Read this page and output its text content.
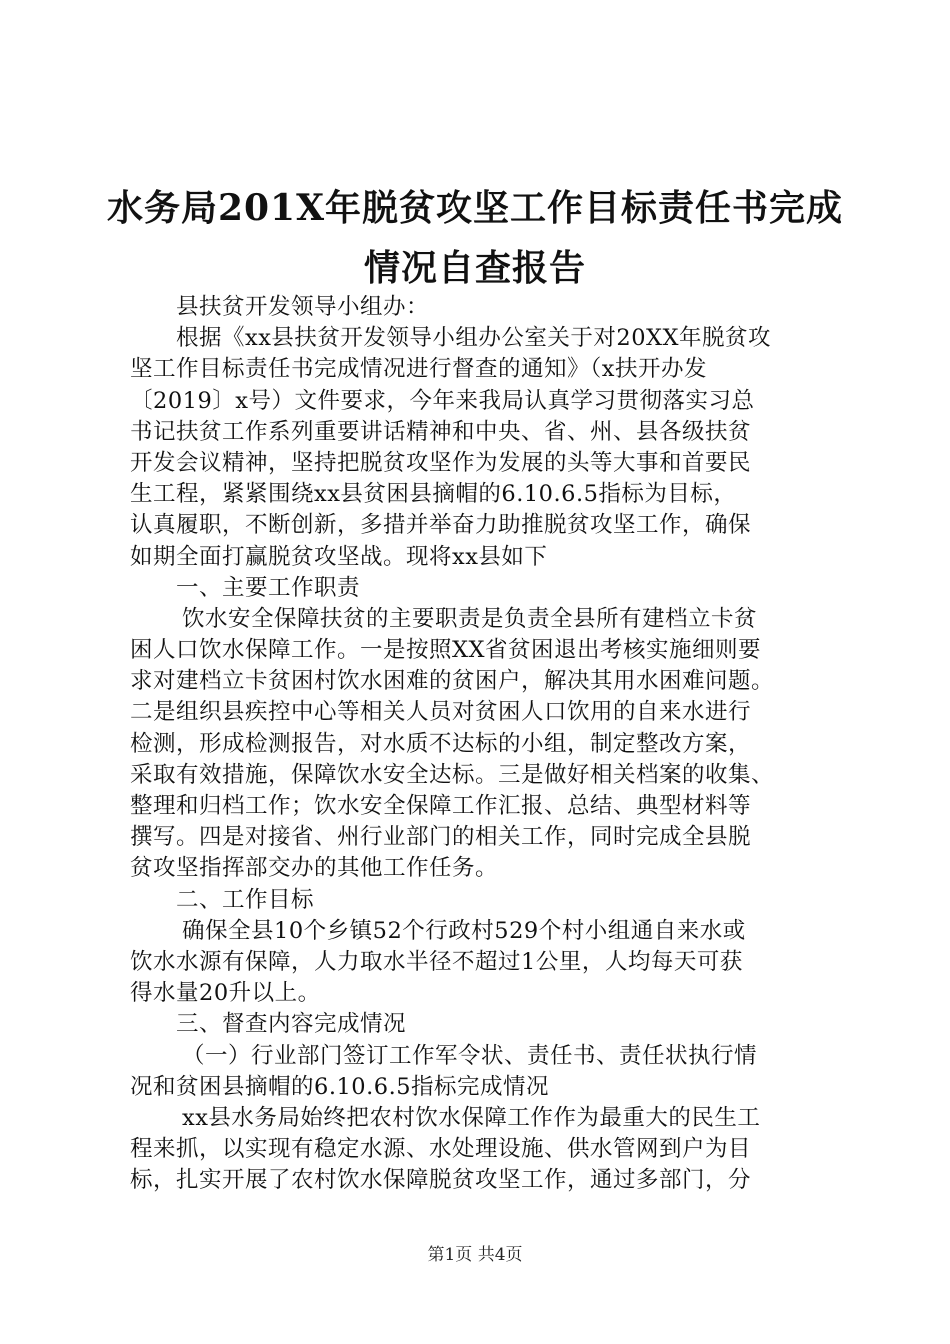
水务局201X年脱贫攻坚工作目标责任书完成
情况自查报告
县扶贫开发领导小组办：
根据《xx县扶贫开发领导小组办公室关于对20XX年脱贫攻
坚工作目标责任书完成情况进行督查的通知》（x扶开办发
〔2019〕x号）文件要求，今年来我局认真学习贯彻落实习总
书记扶贫工作系列重要讲话精神和中央、省、州、县各级扶贫
开发会议精神，坚持把脱贫攻坚作为发展的头等大事和首要民
生工程，紧紧围绕xx县贫困县摘帽的6.10.6.5指标为目标，
认真履职，不断创新，多措并举奋力助推脱贫攻坚工作，确保
如期全面打赢脱贫攻坚战。现将xx县如下
一、主要工作职责
饮水安全保障扶贫的主要职责是负责全县所有建档立卡贫
困人口饮水保障工作。一是按照XX省贫困退出考核实施细则要
求对建档立卡贫困村饮水困难的贫困户，解决其用水困难问题。
二是组织县疾控中心等相关人员对贫困人口饮用的自来水进行
检测，形成检测报告，对水质不达标的小组，制定整改方案，
采取有效措施，保障饮水安全达标。三是做好相关档案的收集、
整理和归档工作；饮水安全保障工作汇报、总结、典型材料等
撰写。四是对接省、州行业部门的相关工作，同时完成全县脱
贫攻坚指挥部交办的其他工作任务。
二、工作目标
确保全县10个乡镇52个行政村529个村小组通自来水或
饮水水源有保障，人力取水半径不超过1公里，人均每天可获
得水量20升以上。
三、督查内容完成情况
（一）行业部门签订工作军令状、责任书、责任状执行情
况和贫困县摘帽的6.10.6.5指标完成情况
xx县水务局始终把农村饮水保障工作作为最重大的民生工
程来抓，以实现有稳定水源、水处理设施、供水管网到户为目
标，扎实开展了农村饮水保障脱贫攻坚工作，通过多部门，分
第1页 共4页
